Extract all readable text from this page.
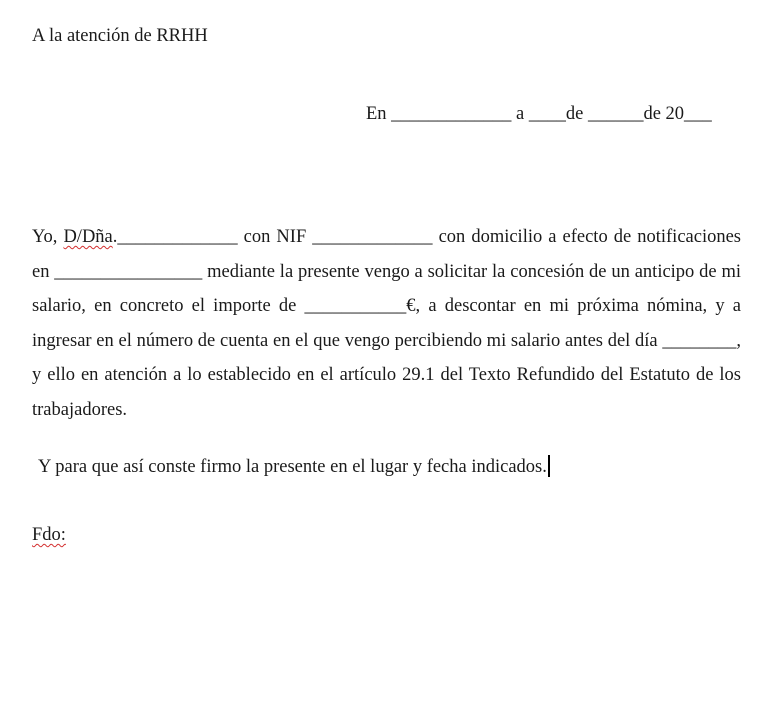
A la atención de RRHH
En _____________ a ____de ______de 20___
Yo, D/Dña._____________ con NIF _____________ con domicilio a efecto de notificaciones en ________________ mediante la presente vengo a solicitar la concesión de un anticipo de mi salario, en concreto el importe de ___________€, a descontar en mi próxima nómina, y a ingresar en el número de cuenta en el que vengo percibiendo mi salario antes del día ________, y ello en atención a lo establecido en el artículo 29.1 del Texto Refundido del Estatuto de los trabajadores.
Y para que así conste firmo la presente en el lugar y fecha indicados.
Fdo:
